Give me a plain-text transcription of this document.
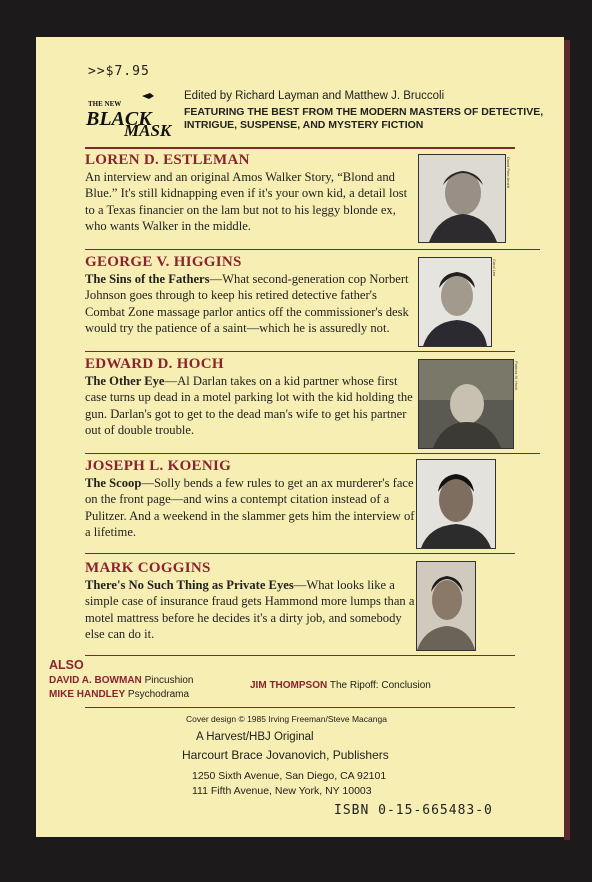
>>$7.95
THE NEW
BLACK
MASK
Edited by Richard Layman and Matthew J. Bruccoli
FEATURING THE BEST FROM THE MODERN MASTERS OF DETECTIVE, INTRIGUE, SUSPENSE, AND MYSTERY FICTION

LOREN D. ESTLEMAN

An interview and an original Amos Walker Story, “Blond and Blue.” It's still kidnapping even if it's your own kid, a detail lost to a Texas financier on the lam but not to his leggy blonde ex, who wants Walker in the middle.

David Pete Arnett

GEORGE V. HIGGINS

The Sins of the Fathers—What second-generation cop Norbert Johnson goes through to keep his retired detective father's Combat Zone massage parlor antics off the commissioner's desk would try the patience of a saint—which he is assuredly not.

Carol Lee

EDWARD D. HOCH

The Other Eye—Al Darlan takes on a kid partner whose first case turns up dead in a motel parking lot with the kid holding the gun. Darlan's got to get to the dead man's wife to get his partner out of double trouble.

Patricia M. Hoch

JOSEPH L. KOENIG

The Scoop—Solly bends a few rules to get an ax murderer's face on the front page—and wins a contempt citation instead of a Pulitzer. And a weekend in the slammer gets him the interview of a lifetime.

MARK COGGINS

There's No Such Thing as Private Eyes—What looks like a simple case of insurance fraud gets Hammond more lumps than a motel mattress before he decides it's a dirty job, and somebody else can do it.

ALSO
DAVID A. BOWMAN Pincushion
MIKE HANDLEY Psychodrama
JIM THOMPSON The Ripoff: Conclusion
Cover design © 1985 Irving Freeman/Steve Macanga
A Harvest/HBJ Original
Harcourt Brace Jovanovich, Publishers
1250 Sixth Avenue, San Diego, CA 92101
111 Fifth Avenue, New York, NY 10003
ISBN 0-15-665483-0
